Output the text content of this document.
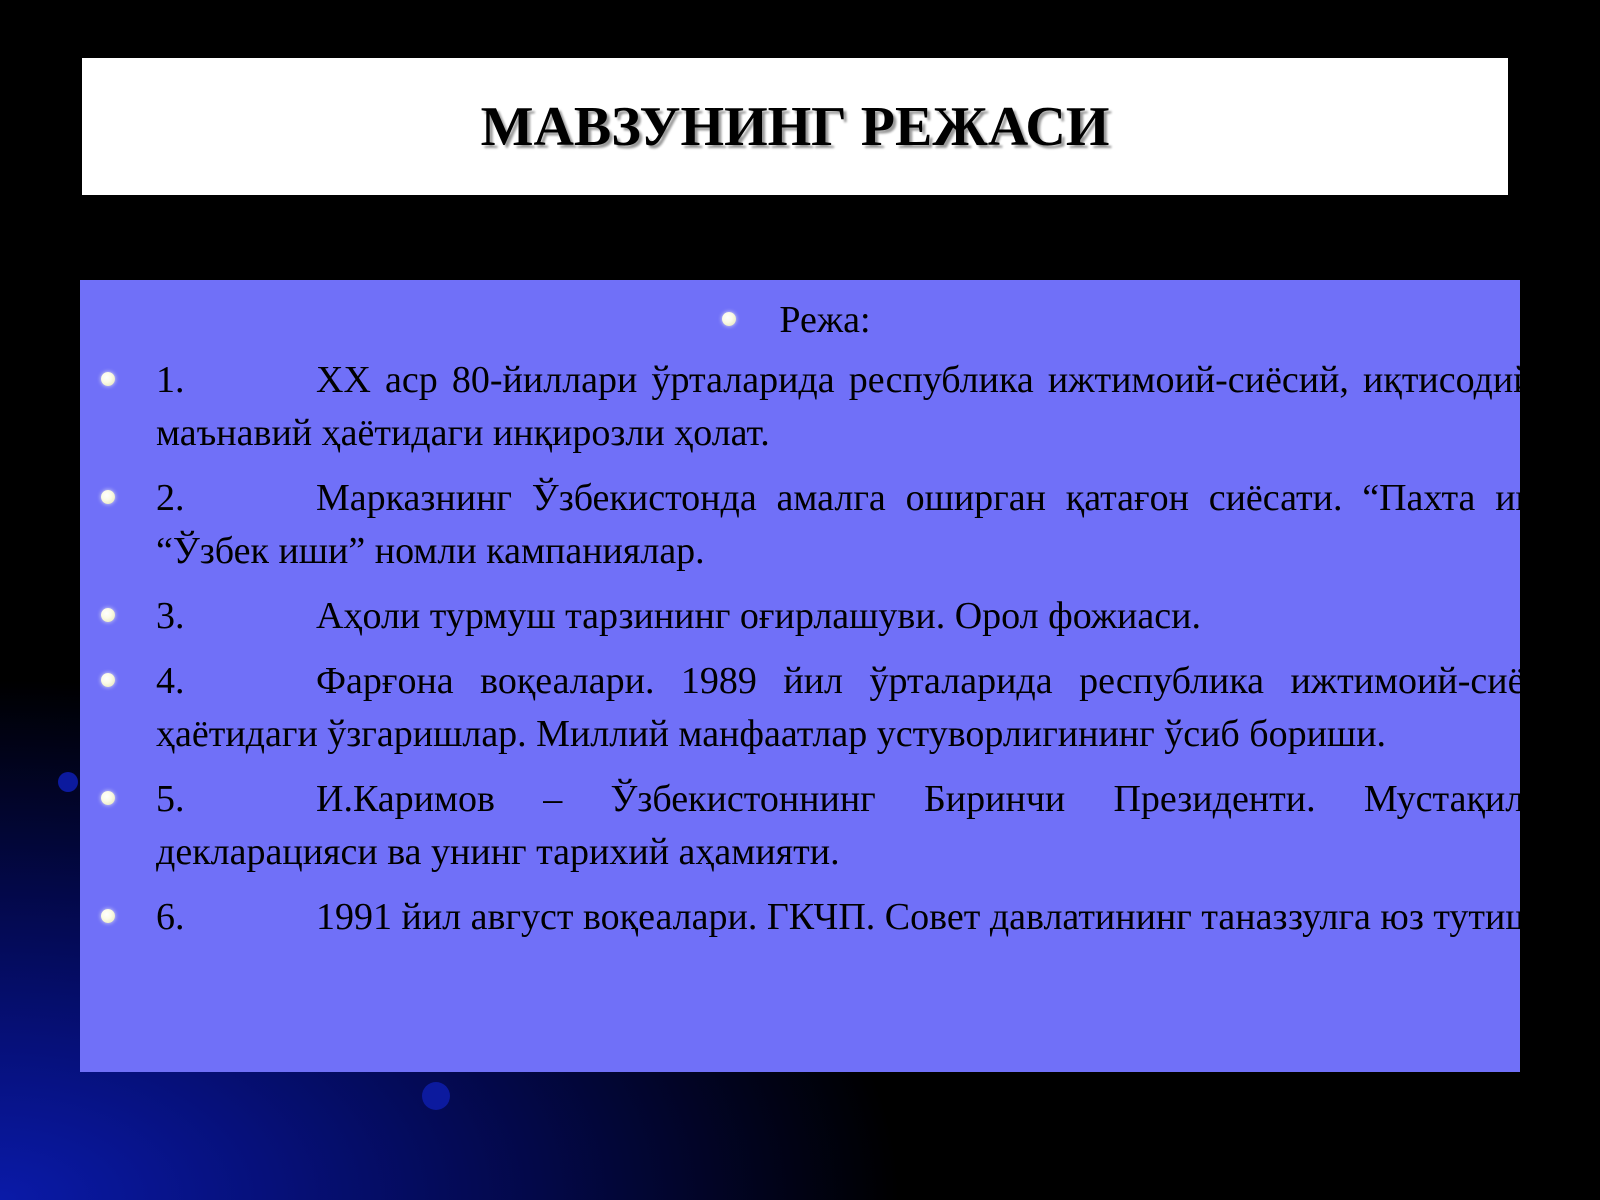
МАВЗУНИНГ РЕЖАСИ
Режа:
1.	XX аср 80-йиллари ўрталарида республика ижтимоий-сиёсий, иқтисодий ва маънавий ҳаётидаги инқирозли ҳолат.
2.	Марказнинг Ўзбекистонда амалга оширган қатағон сиёсати. “Пахта иши” “Ўзбек иши” номли кампаниялар.
3.	Аҳоли турмуш тарзининг оғирлашуви. Орол фожиаси.
4.	Фарғона воқеалари. 1989 йил ўрталарида республика ижтимоий-сиёсий ҳаётидаги ўзгаришлар. Миллий манфаатлар устуворлигининг ўсиб бориши.
5.	И.Каримов – Ўзбекистоннинг Биринчи Президенти. Мустақиллик декларацияси ва унинг тарихий аҳамияти.
6.	1991 йил август воқеалари. ГКЧП. Совет давлатининг таназзулга юз тутиши.
